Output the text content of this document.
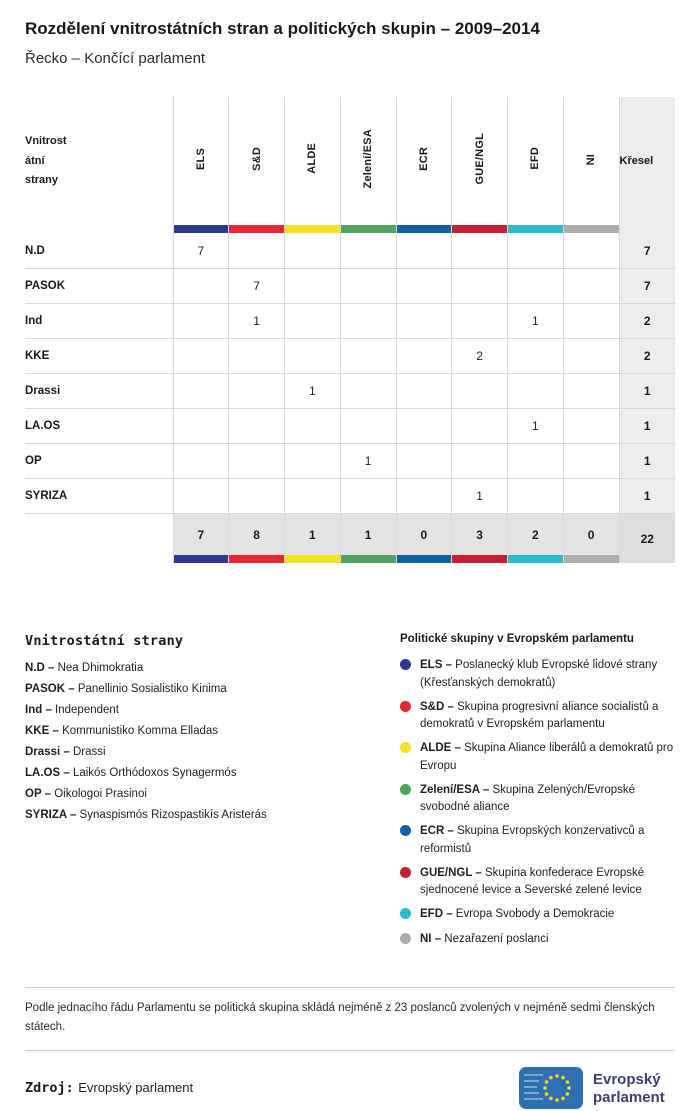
Rozdělení vnitrostátních stran a politických skupin – 2009–2014
Řecko – Končící parlament
Vnitrost
átní
strany	ELS	S&D	ALDE	Zelení/ESA	ECR	GUE/NGL	EFD	NI	Křesel

N.D	7								7
PASOK		7							7
Ind		1					1		2
KKE						2			2
Drassi			1						1
LA.OS							1		1
OP				1					1
SYRIZA						1			1
	7	8	1	1	0	3	2	0	22

Vnitrostátní strany
N.D – Nea Dhimokratia
PASOK – Panellinio Sosialistiko Kinima
Ind – Independent
KKE – Kommunistiko Komma Elladas
Drassi – Drassi
LA.OS – Laikós Orthódoxos Synagermós
OP – Oikologoi Prasinoi
SYRIZA – Synaspismós Rizospastikís Aristerás
Politické skupiny v Evropském parlamentu

ELS – Poslanecký klub Evropské lidové strany (Křesťanských demokratů)

S&D – Skupina progresivní aliance socialistů a demokratů v Evropském parlamentu

ALDE – Skupina Aliance liberálů a demokratů pro Evropu

Zelení/ESA – Skupina Zelených/Evropské svobodné aliance

ECR – Skupina Evropských konzervativců a reformistů

GUE/NGL – Skupina konfederace Evropské sjednocené levice a Severské zelené levice

EFD – Evropa Svobody a Demokracie

NI – Nezařazení poslanci

Podle jednacího řádu Parlamentu se politická skupina skládá nejméně z 23 poslanců zvolených v nejméně sedmi členských státech.
Zdroj: Evropský parlament	Evropský
parlament
